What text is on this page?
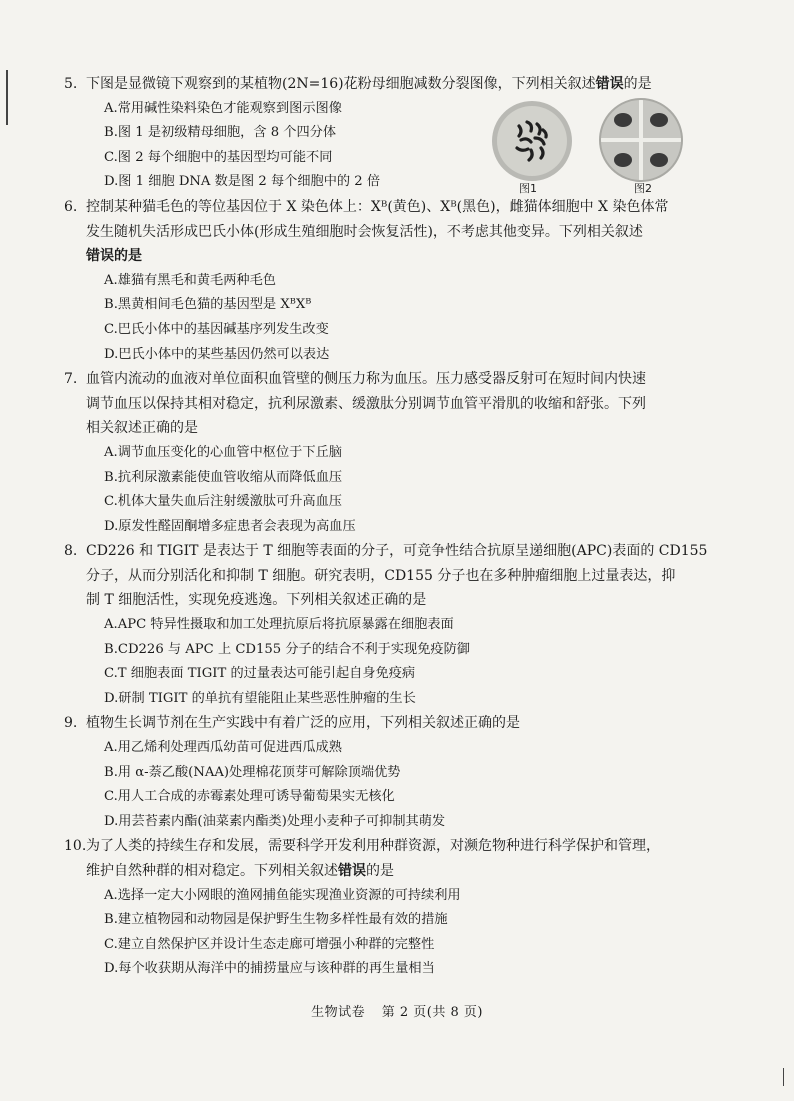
5. 下图是显微镜下观察到的某植物(2N=16)花粉母细胞减数分裂图像，下列相关叙述错误的是
A.常用碱性染料染色才能观察到图示图像
B.图 1 是初级精母细胞，含 8 个四分体
C.图 2 每个细胞中的基因型均可能不同
D.图 1 细胞 DNA 数是图 2 每个细胞中的 2 倍	图1	图2
6. 控制某种猫毛色的等位基因位于 X 染色体上：Xᴮ(黄色)、Xᴮ(黑色)，雌猫体细胞中 X 染色体常
发生随机失活形成巴氏小体(形成生殖细胞时会恢复活性)，不考虑其他变异。下列相关叙述
错误的是
A.雄猫有黑毛和黄毛两种毛色
B.黑黄相间毛色猫的基因型是 XᴮXᴮ
C.巴氏小体中的基因碱基序列发生改变
D.巴氏小体中的某些基因仍然可以表达
7. 血管内流动的血液对单位面积血管壁的侧压力称为血压。压力感受器反射可在短时间内快速
调节血压以保持其相对稳定，抗利尿激素、缓激肽分别调节血管平滑肌的收缩和舒张。下列
相关叙述正确的是
A.调节血压变化的心血管中枢位于下丘脑
B.抗利尿激素能使血管收缩从而降低血压
C.机体大量失血后注射缓激肽可升高血压
D.原发性醛固酮增多症患者会表现为高血压
8. CD226 和 TIGIT 是表达于 T 细胞等表面的分子，可竞争性结合抗原呈递细胞(APC)表面的 CD155
分子，从而分别活化和抑制 T 细胞。研究表明，CD155 分子也在多种肿瘤细胞上过量表达，抑
制 T 细胞活性，实现免疫逃逸。下列相关叙述正确的是
A.APC 特异性摄取和加工处理抗原后将抗原暴露在细胞表面
B.CD226 与 APC 上 CD155 分子的结合不利于实现免疫防御
C.T 细胞表面 TIGIT 的过量表达可能引起自身免疫病
D.研制 TIGIT 的单抗有望能阻止某些恶性肿瘤的生长
9. 植物生长调节剂在生产实践中有着广泛的应用，下列相关叙述正确的是
A.用乙烯利处理西瓜幼苗可促进西瓜成熟
B.用 α-萘乙酸(NAA)处理棉花顶芽可解除顶端优势
C.用人工合成的赤霉素处理可诱导葡萄果实无核化
D.用芸苔素内酯(油菜素内酯类)处理小麦种子可抑制其萌发
10. 为了人类的持续生存和发展，需要科学开发利用种群资源，对濒危物种进行科学保护和管理，
维护自然种群的相对稳定。下列相关叙述错误的是
A.选择一定大小网眼的渔网捕鱼能实现渔业资源的可持续利用
B.建立植物园和动物园是保护野生生物多样性最有效的措施
C.建立自然保护区并设计生态走廊可增强小种群的完整性
D.每个收获期从海洋中的捕捞量应与该种群的再生量相当
生物试卷 第 2 页(共 8 页)
